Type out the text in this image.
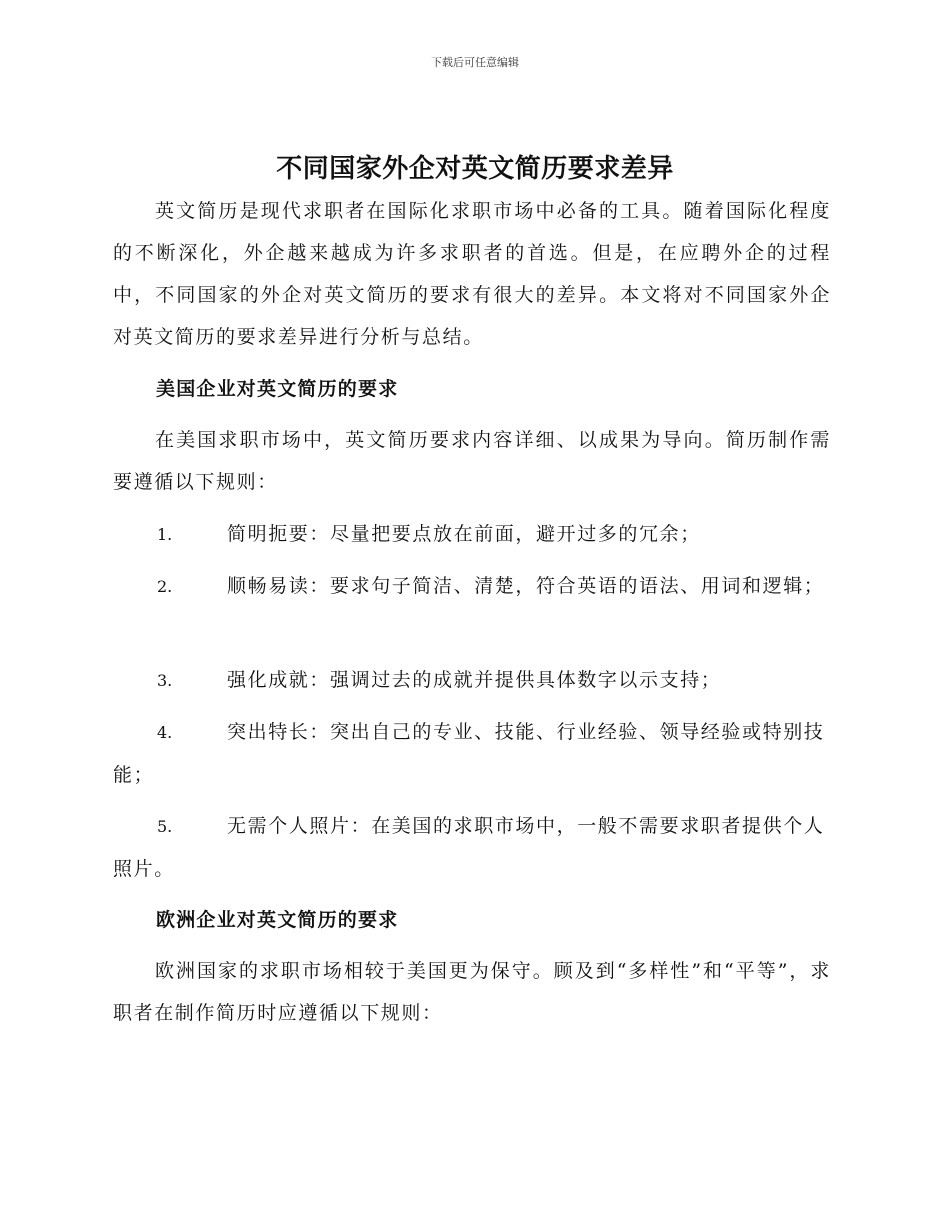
下载后可任意编辑
不同国家外企对英文简历要求差异

英文简历是现代求职者在国际化求职市场中必备的工具。随着国际化程度的不断深化，外企越来越成为许多求职者的首选。但是，在应聘外企的过程中，不同国家的外企对英文简历的要求有很大的差异。本文将对不同国家外企对英文简历的要求差异进行分析与总结。

美国企业对英文简历的要求

在美国求职市场中，英文简历要求内容详细、以成果为导向。简历制作需要遵循以下规则：

1.	简明扼要：尽量把要点放在前面，避开过多的冗余；
2.	顺畅易读：要求句子简洁、清楚，符合英语的语法、用词和逻辑；
3.	强化成就：强调过去的成就并提供具体数字以示支持；
4.	突出特长：突出自己的专业、技能、行业经验、领导经验或特别技能；
5.	无需个人照片：在美国的求职市场中，一般不需要求职者提供个人照片。
欧洲企业对英文简历的要求

欧洲国家的求职市场相较于美国更为保守。顾及到“多样性”和“平等”，求职者在制作简历时应遵循以下规则：
